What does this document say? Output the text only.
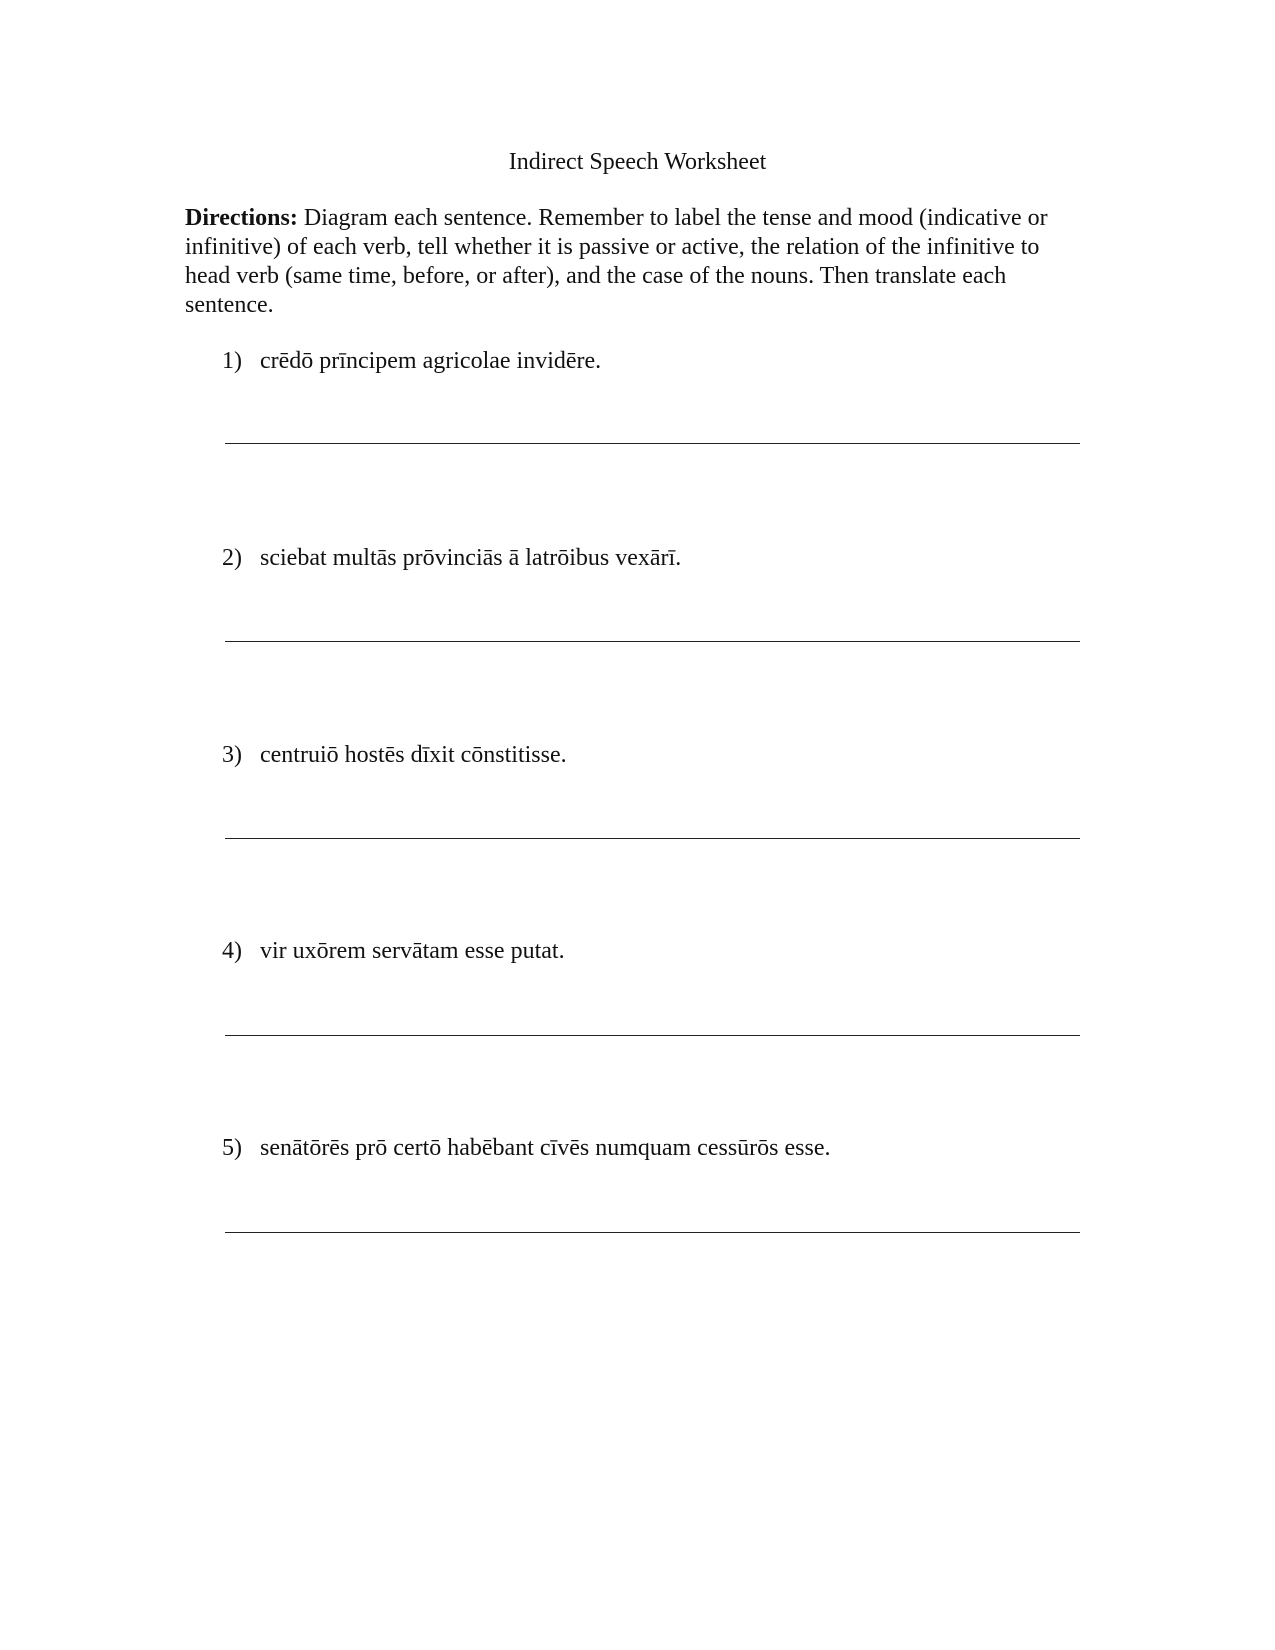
Indirect Speech Worksheet
Directions: Diagram each sentence. Remember to label the tense and mood (indicative or infinitive) of each verb, tell whether it is passive or active, the relation of the infinitive to head verb (same time, before, or after), and the case of the nouns. Then translate each sentence.
1) crēdō prīncipem agricolae invidēre.
2) sciebat multās prōvinciās ā latrōibus vexārī.
3) centruiō hostēs dīxit cōnstitisse.
4) vir uxōrem servātam esse putat.
5) senātōrēs prō certō habēbant cīvēs numquam cessūrōs esse.
